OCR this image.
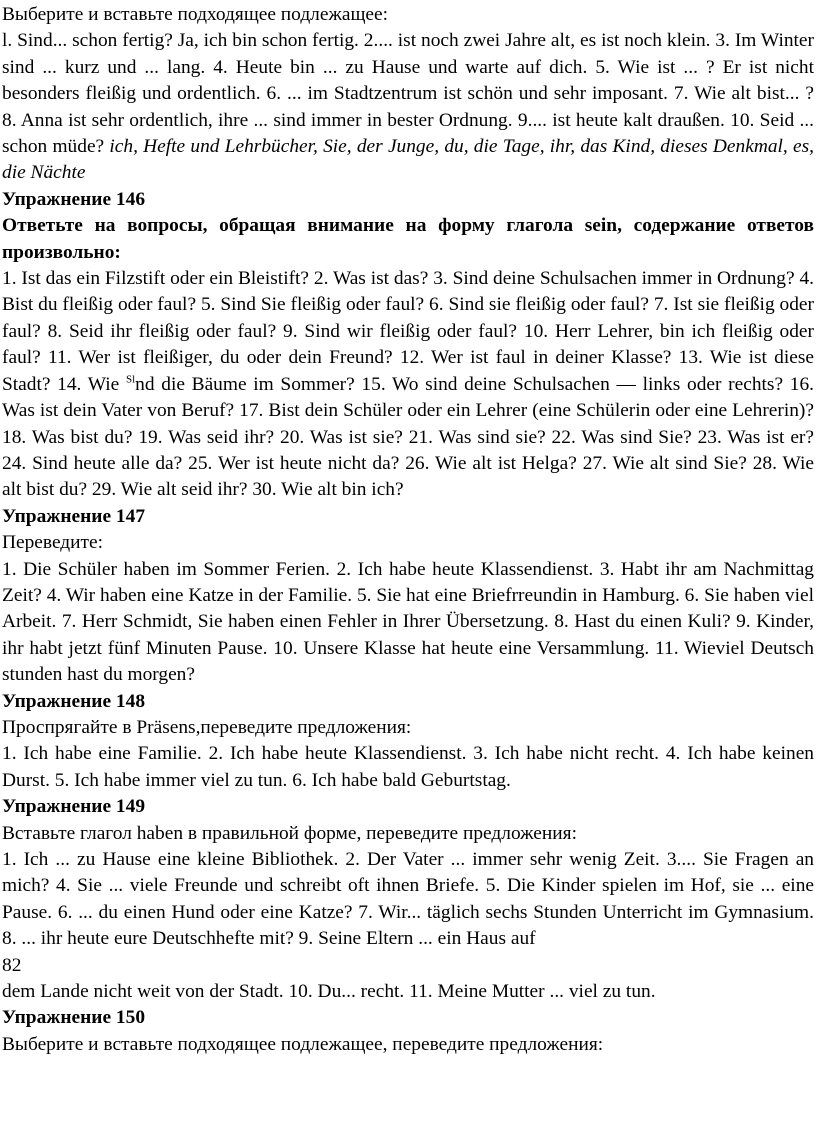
Выберите и вставьте подходящее подлежащее:

l. Sind... schon fertig? Ja, ich bin schon fertig. 2.... ist noch zwei Jahre alt, es ist noch klein. 3. Im Winter sind ... kurz und ... lang. 4. Heute bin ... zu Hause und warte auf dich. 5. Wie ist ... ? Er ist nicht besonders fleißig und ordentlich. 6. ... im Stadtzentrum ist schön und sehr imposant. 7. Wie alt bist... ? 8. Anna ist sehr ordentlich, ihre ... sind immer in bester Ordnung. 9.... ist heute kalt draußen. 10. Seid ... schon müde? ich, Hefte und Lehrbücher, Sie, der Junge, du, die Tage, ihr, das Kind, dieses Denkmal, es, die Nächte

Упражнение 146

Ответьте на вопросы, обращая внимание на форму глагола sein, содержание ответов произвольно:

1. Ist das ein Filzstift oder ein Bleistift? 2. Was ist das? 3. Sind deine Schulsachen immer in Ordnung? 4. Bist du fleißig oder faul? 5. Sind Sie fleißig oder faul? 6. Sind sie fleißig oder faul? 7. Ist sie fleißig oder faul? 8. Seid ihr fleißig oder faul? 9. Sind wir fleißig oder faul? 10. Herr Lehrer, bin ich fleißig oder faul? 11. Wer ist fleißiger, du oder dein Freund? 12. Wer ist faul in deiner Klasse? 13. Wie ist diese Stadt? 14. Wie $^{Sl}$nd die Bäume im Sommer? 15. Wo sind deine Schulsachen — links oder rechts? 16. Was ist dein Vater von Beruf? 17. Bist dein Schüler oder ein Lehrer (eine Schülerin oder eine Lehrerin)? 18. Was bist du? 19. Was seid ihr? 20. Was ist sie? 21. Was sind sie? 22. Was sind Sie? 23. Was ist er? 24. Sind heute alle da? 25. Wer ist heute nicht da? 26. Wie alt ist Helga? 27. Wie alt sind Sie? 28. Wie alt bist du? 29. Wie alt seid ihr? 30. Wie alt bin ich?

Упражнение 147

Переведите:

1. Die Schüler haben im Sommer Ferien. 2. Ich habe heute Klassendienst. 3. Habt ihr am Nachmittag Zeit? 4. Wir haben eine Katze in der Familie. 5. Sie hat eine Briefrreundin in Hamburg. 6. Sie haben viel Arbeit. 7. Herr Schmidt, Sie haben einen Fehler in Ihrer Übersetzung. 8. Hast du einen Kuli? 9. Kinder, ihr habt jetzt fünf Minuten Pause. 10. Unsere Klasse hat heute eine Versammlung. 11. Wieviel Deutsch stunden hast du morgen?

Упражнение 148

Проспрягайте в Präsens,переведите предложения:

1. Ich habe eine Familie. 2. Ich habe heute Klassendienst. 3. Ich habe nicht recht. 4. Ich habe keinen Durst. 5. Ich habe immer viel zu tun. 6. Ich habe bald Geburtstag.

Упражнение 149

Вставьте глагол haben в правильной форме, переведите предложения:

1. Ich ... zu Hause eine kleine Bibliothek. 2. Der Vater ... immer sehr wenig Zeit. 3.... Sie Fragen an mich? 4. Sie ... viele Freunde und schreibt oft ihnen Briefe. 5. Die Kinder spielen im Hof, sie ... eine Pause. 6. ... du einen Hund oder eine Katze? 7. Wir... täglich sechs Stunden Unterricht im Gymnasium. 8. ... ihr heute eure Deutschhefte mit? 9. Seine Eltern ... ein Haus auf

82

dem Lande nicht weit von der Stadt. 10. Du... recht. 11. Meine Mutter ... viel zu tun.

Упражнение 150

Выберите и вставьте подходящее подлежащее, переведите предложения:
